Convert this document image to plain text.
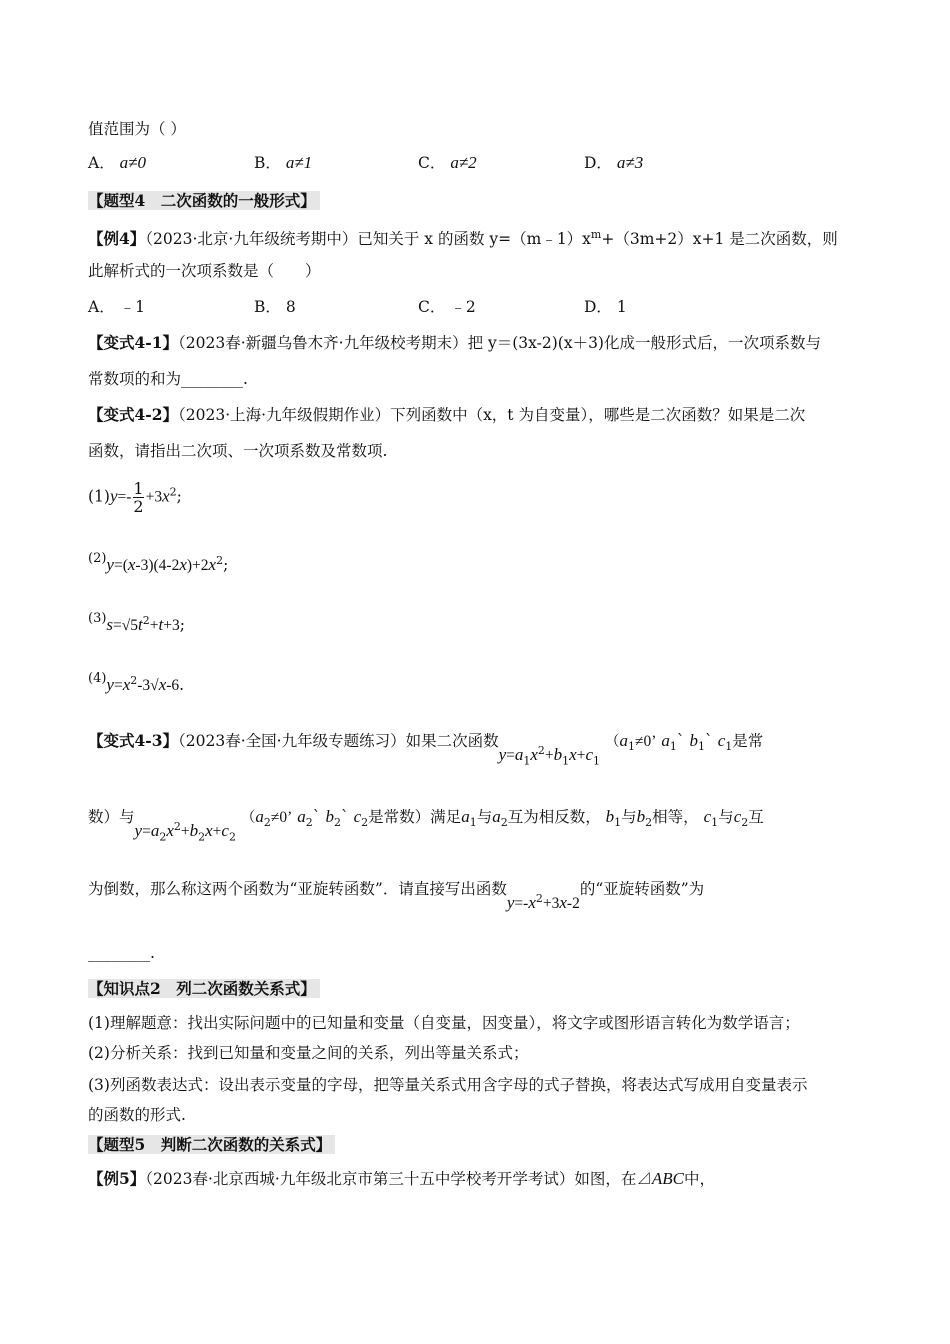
值范围为（ ）
A． a≠0	B． a≠1	C． a≠2	D． a≠3
【题型4　二次函数的一般形式】
【例4】（2023·北京·九年级统考期中）已知关于 x 的函数 $y=(m﹣1)x^m+(3m+2)x+1$ 是二次函数，则
此解析式的一次项系数是（　　）
A． ﹣1	B． 8	C． ﹣2	D． 1
【变式4-1】（2023春·新疆乌鲁木齐·九年级校考期末）把 y＝(3x-2)(x＋3)化成一般形式后，一次项系数与
常数项的和为________.
【变式4-2】（2023·上海·九年级假期作业）下列函数中（x，t 为自变量），哪些是二次函数？如果是二次
函数，请指出二次项、一次项系数及常数项.
$(1)y=- \frac{1}{2} +3x^2$;
$^{(2)}y=(x-3)(4-2x)+2x^2$;
$^{(3)}s=√5t^2+t+3$;
$^{(4)}y=x^2-3√x-6$.
【变式4-3】（2023春·全国·九年级专题练习）如果二次函数$y=a_1x^2+b_1x+c_1$ （$a_1\ne 0$’ $a_1`$ $b_1`$ $c_1$是常
数）与$y=a_2x^2+b_2x+c_2$ （$a_2\ne 0$’ $a_2`$ $b_2`$ $c_2$是常数）满足$a_1$与$a_2$互为相反数， $b_1$与$b_2$相等， $c_1$与$c_2$互
为倒数，那么称这两个函数为“亚旋转函数”．请直接写出函数$y=-x^2+3x-2$的“亚旋转函数”为
________.
【知识点2　列二次函数关系式】
(1)理解题意：找出实际问题中的已知量和变量（自变量，因变量），将文字或图形语言转化为数学语言；
(2)分析关系：找到已知量和变量之间的关系，列出等量关系式；
(3)列函数表达式：设出表示变量的字母，把等量关系式用含字母的式子替换，将表达式写成用自变量表示
的函数的形式.
【题型5　判断二次函数的关系式】
【例5】（2023春·北京西城·九年级北京市第三十五中学校考开学考试）如图，在⊿ABC中，
